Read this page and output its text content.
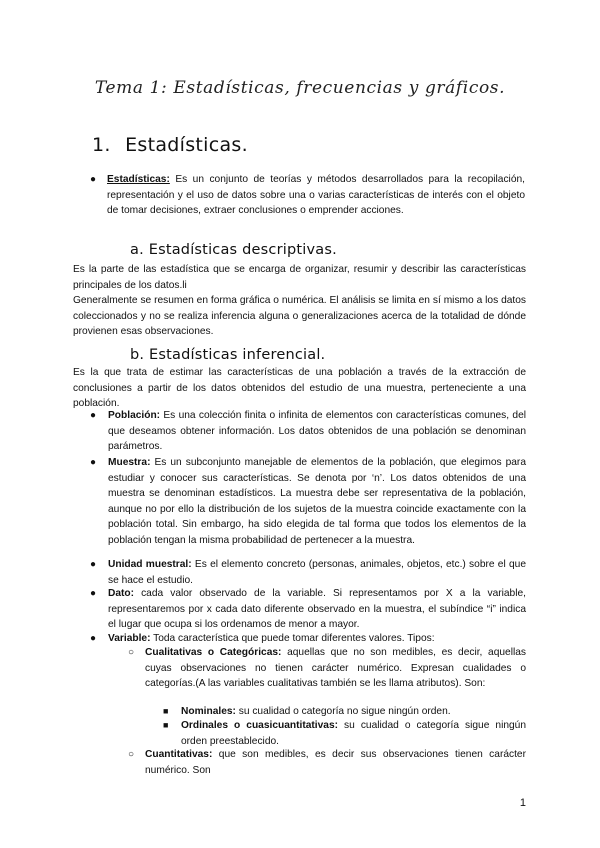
Tema 1: Estadísticas, frecuencias y gráficos.
1. Estadísticas.
● Estadísticas: Es un conjunto de teorías y métodos desarrollados para la recopilación, representación y el uso de datos sobre una o varias características de interés con el objeto de tomar decisiones, extraer conclusiones o emprender acciones.
a. Estadísticas descriptivas.
Es la parte de las estadística que se encarga de organizar, resumir y describir las características principales de los datos.li
Generalmente se resumen en forma gráfica o numérica. El análisis se limita en sí mismo a los datos coleccionados y no se realiza inferencia alguna o generalizaciones acerca de la totalidad de dónde provienen esas observaciones.
b. Estadísticas inferencial.
Es la que trata de estimar las características de una población a través de la extracción de conclusiones a partir de los datos obtenidos del estudio de una muestra, perteneciente a una población.
● Población: Es una colección finita o infinita de elementos con características comunes, del que deseamos obtener información. Los datos obtenidos de una población se denominan parámetros.
● Muestra: Es un subconjunto manejable de elementos de la población, que elegimos para estudiar y conocer sus características. Se denota por ‘n’. Los datos obtenidos de una muestra se denominan estadísticos. La muestra debe ser representativa de la población, aunque no por ello la distribución de los sujetos de la muestra coincide exactamente con la población total. Sin embargo, ha sido elegida de tal forma que todos los elementos de la población tengan la misma probabilidad de pertenecer a la muestra.
● Unidad muestral: Es el elemento concreto (personas, animales, objetos, etc.) sobre el que se hace el estudio.
● Dato: cada valor observado de la variable. Si representamos por X a la variable, representaremos por x cada dato diferente observado en la muestra, el subíndice “i” indica el lugar que ocupa si los ordenamos de menor a mayor.
● Variable: Toda característica que puede tomar diferentes valores. Tipos:
○ Cualitativas o Categóricas: aquellas que no son medibles, es decir, aquellas cuyas observaciones no tienen carácter numérico. Expresan cualidades o categorías.(A las variables cualitativas también se les llama atributos). Son:
■ Nominales: su cualidad o categoría no sigue ningún orden.
■ Ordinales o cuasicuantitativas: su cualidad o categoría sigue ningún orden preestablecido.
○ Cuantitativas: que son medibles, es decir sus observaciones tienen carácter numérico. Son
1
